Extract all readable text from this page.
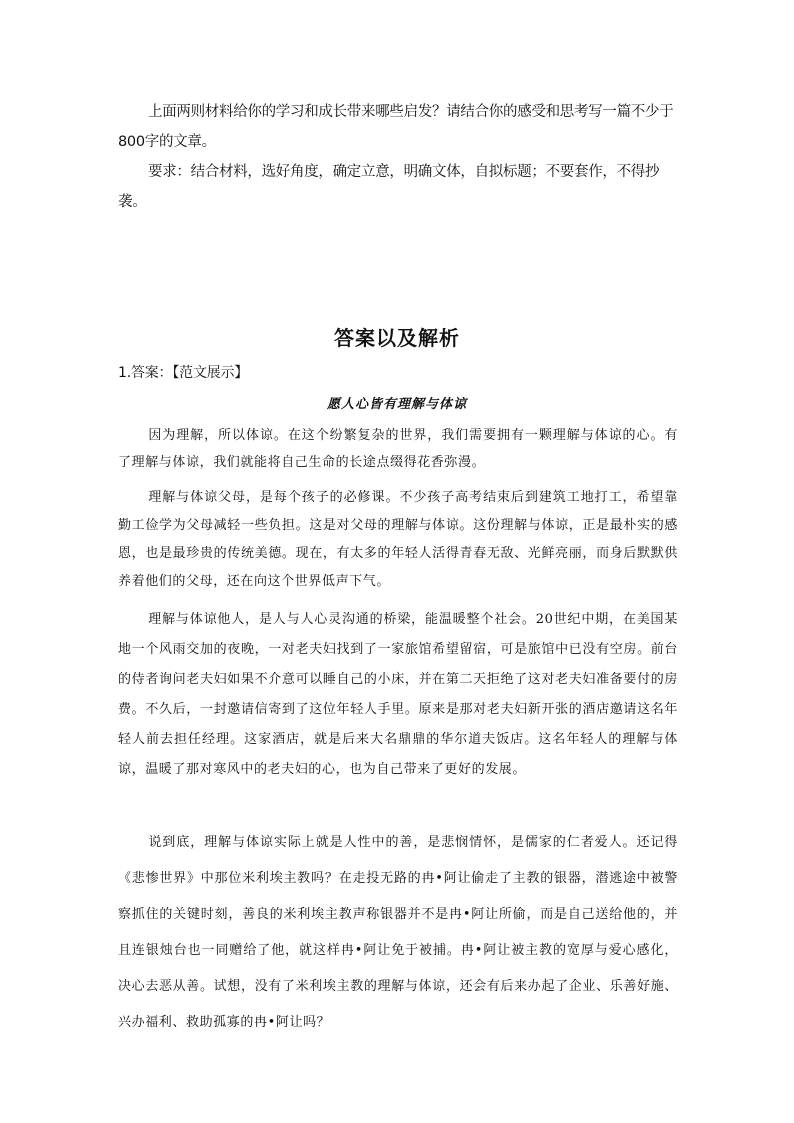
上面两则材料给你的学习和成长带来哪些启发？请结合你的感受和思考写一篇不少于800字的文章。
要求：结合材料，选好角度，确定立意，明确文体，自拟标题；不要套作，不得抄袭。
答案以及解析
1.答案：【范文展示】
愿人心皆有理解与体谅
因为理解，所以体谅。在这个纷繁复杂的世界，我们需要拥有一颗理解与体谅的心。有了理解与体谅，我们就能将自己生命的长途点缀得花香弥漫。
理解与体谅父母，是每个孩子的必修课。不少孩子高考结束后到建筑工地打工，希望靠勤工俭学为父母减轻一些负担。这是对父母的理解与体谅。这份理解与体谅，正是最朴实的感恩，也是最珍贵的传统美德。现在，有太多的年轻人活得青春无敌、光鲜亮丽，而身后默默供养着他们的父母，还在向这个世界低声下气。
理解与体谅他人，是人与人心灵沟通的桥梁，能温暖整个社会。20世纪中期，在美国某地一个风雨交加的夜晚，一对老夫妇找到了一家旅馆希望留宿，可是旅馆中已没有空房。前台的侍者询问老夫妇如果不介意可以睡自己的小床，并在第二天拒绝了这对老夫妇准备要付的房费。不久后，一封邀请信寄到了这位年轻人手里。原来是那对老夫妇新开张的酒店邀请这名年轻人前去担任经理。这家酒店，就是后来大名鼎鼎的华尔道夫饭店。这名年轻人的理解与体谅，温暖了那对寒风中的老夫妇的心，也为自己带来了更好的发展。
说到底，理解与体谅实际上就是人性中的善，是悲悯情怀，是儒家的仁者爱人。还记得《悲惨世界》中那位米利埃主教吗？在走投无路的冉•阿让偷走了主教的银器，潜逃途中被警察抓住的关键时刻，善良的米利埃主教声称银器并不是冉•阿让所偷，而是自己送给他的，并且连银烛台也一同赠给了他，就这样冉•阿让免于被捕。冉•阿让被主教的宽厚与爱心感化，决心去恶从善。试想，没有了米利埃主教的理解与体谅，还会有后来办起了企业、乐善好施、兴办福利、救助孤寡的冉•阿让吗？
